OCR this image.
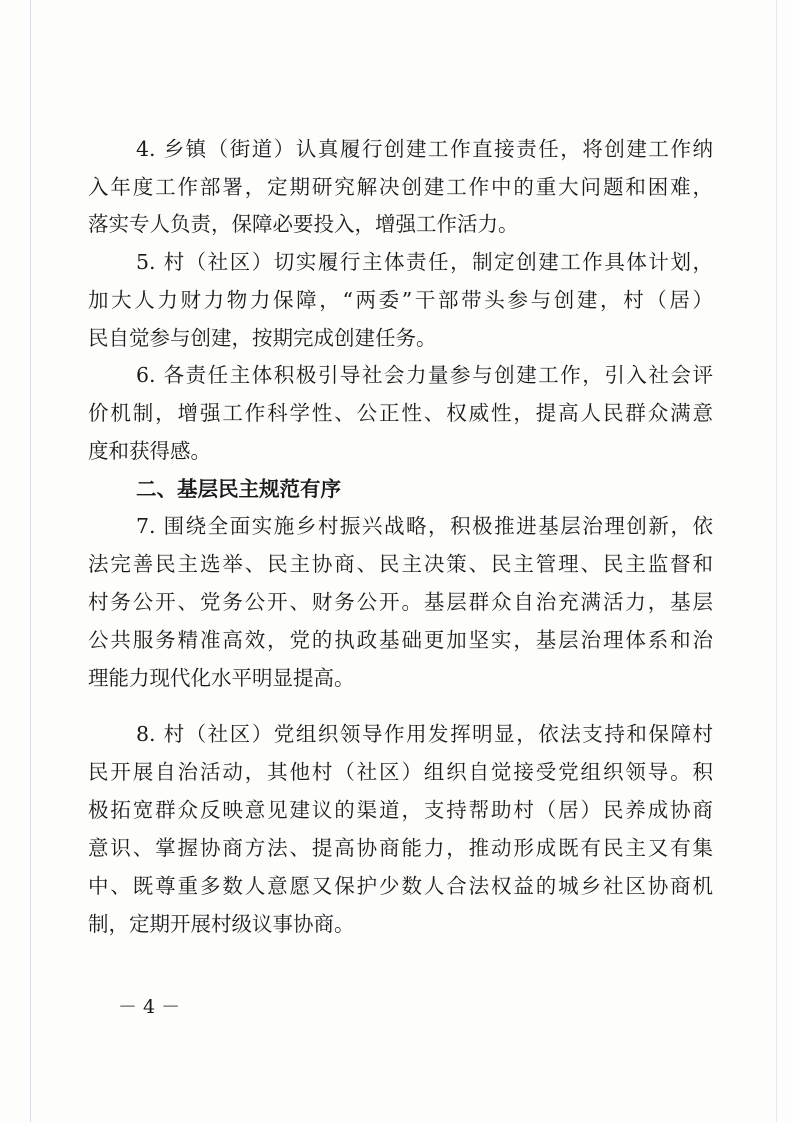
4. 乡镇（街道）认真履行创建工作直接责任，将创建工作纳
入年度工作部署，定期研究解决创建工作中的重大问题和困难，
落实专人负责，保障必要投入，增强工作活力。
5. 村（社区）切实履行主体责任，制定创建工作具体计划，
加大人力财力物力保障，“两委”干部带头参与创建，村（居）
民自觉参与创建，按期完成创建任务。
6. 各责任主体积极引导社会力量参与创建工作，引入社会评
价机制，增强工作科学性、公正性、权威性，提高人民群众满意
度和获得感。
二、基层民主规范有序
7. 围绕全面实施乡村振兴战略，积极推进基层治理创新，依
法完善民主选举、民主协商、民主决策、民主管理、民主监督和
村务公开、党务公开、财务公开。基层群众自治充满活力，基层
公共服务精准高效，党的执政基础更加坚实，基层治理体系和治
理能力现代化水平明显提高。
8. 村（社区）党组织领导作用发挥明显，依法支持和保障村
民开展自治活动，其他村（社区）组织自觉接受党组织领导。积
极拓宽群众反映意见建议的渠道，支持帮助村（居）民养成协商
意识、掌握协商方法、提高协商能力，推动形成既有民主又有集
中、既尊重多数人意愿又保护少数人合法权益的城乡社区协商机
制，定期开展村级议事协商。
－ 4 －
